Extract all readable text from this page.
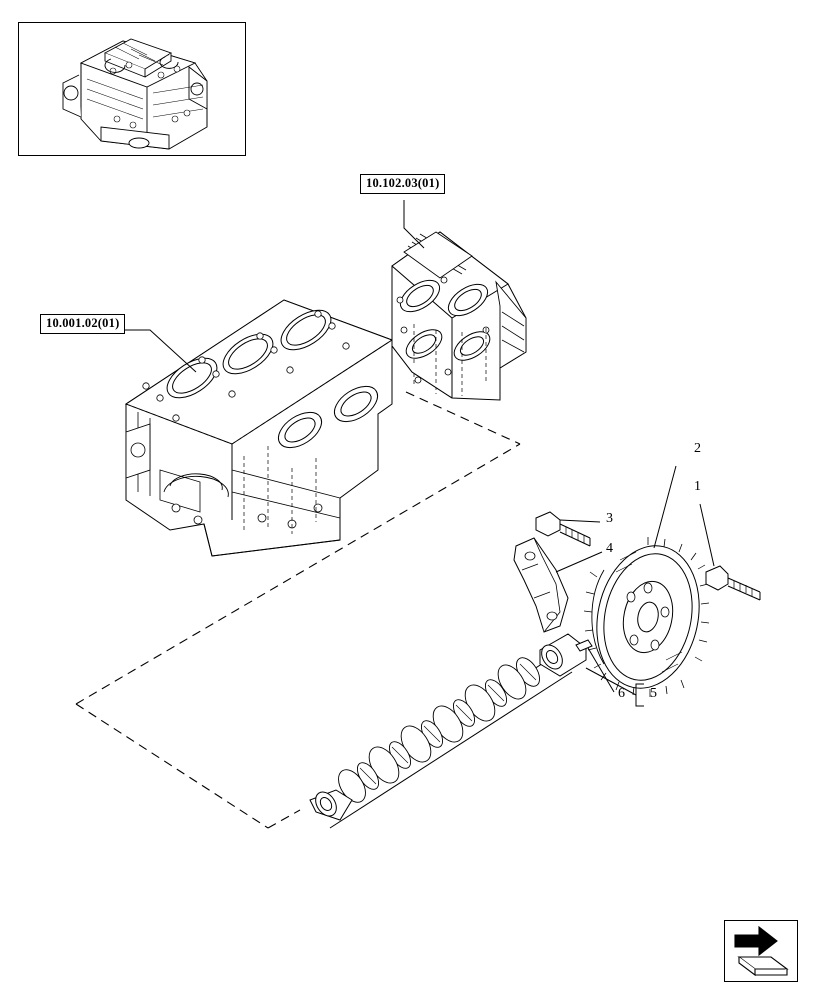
10.001.02(01)
10.102.03(01)
2
1
3
4
5
6
